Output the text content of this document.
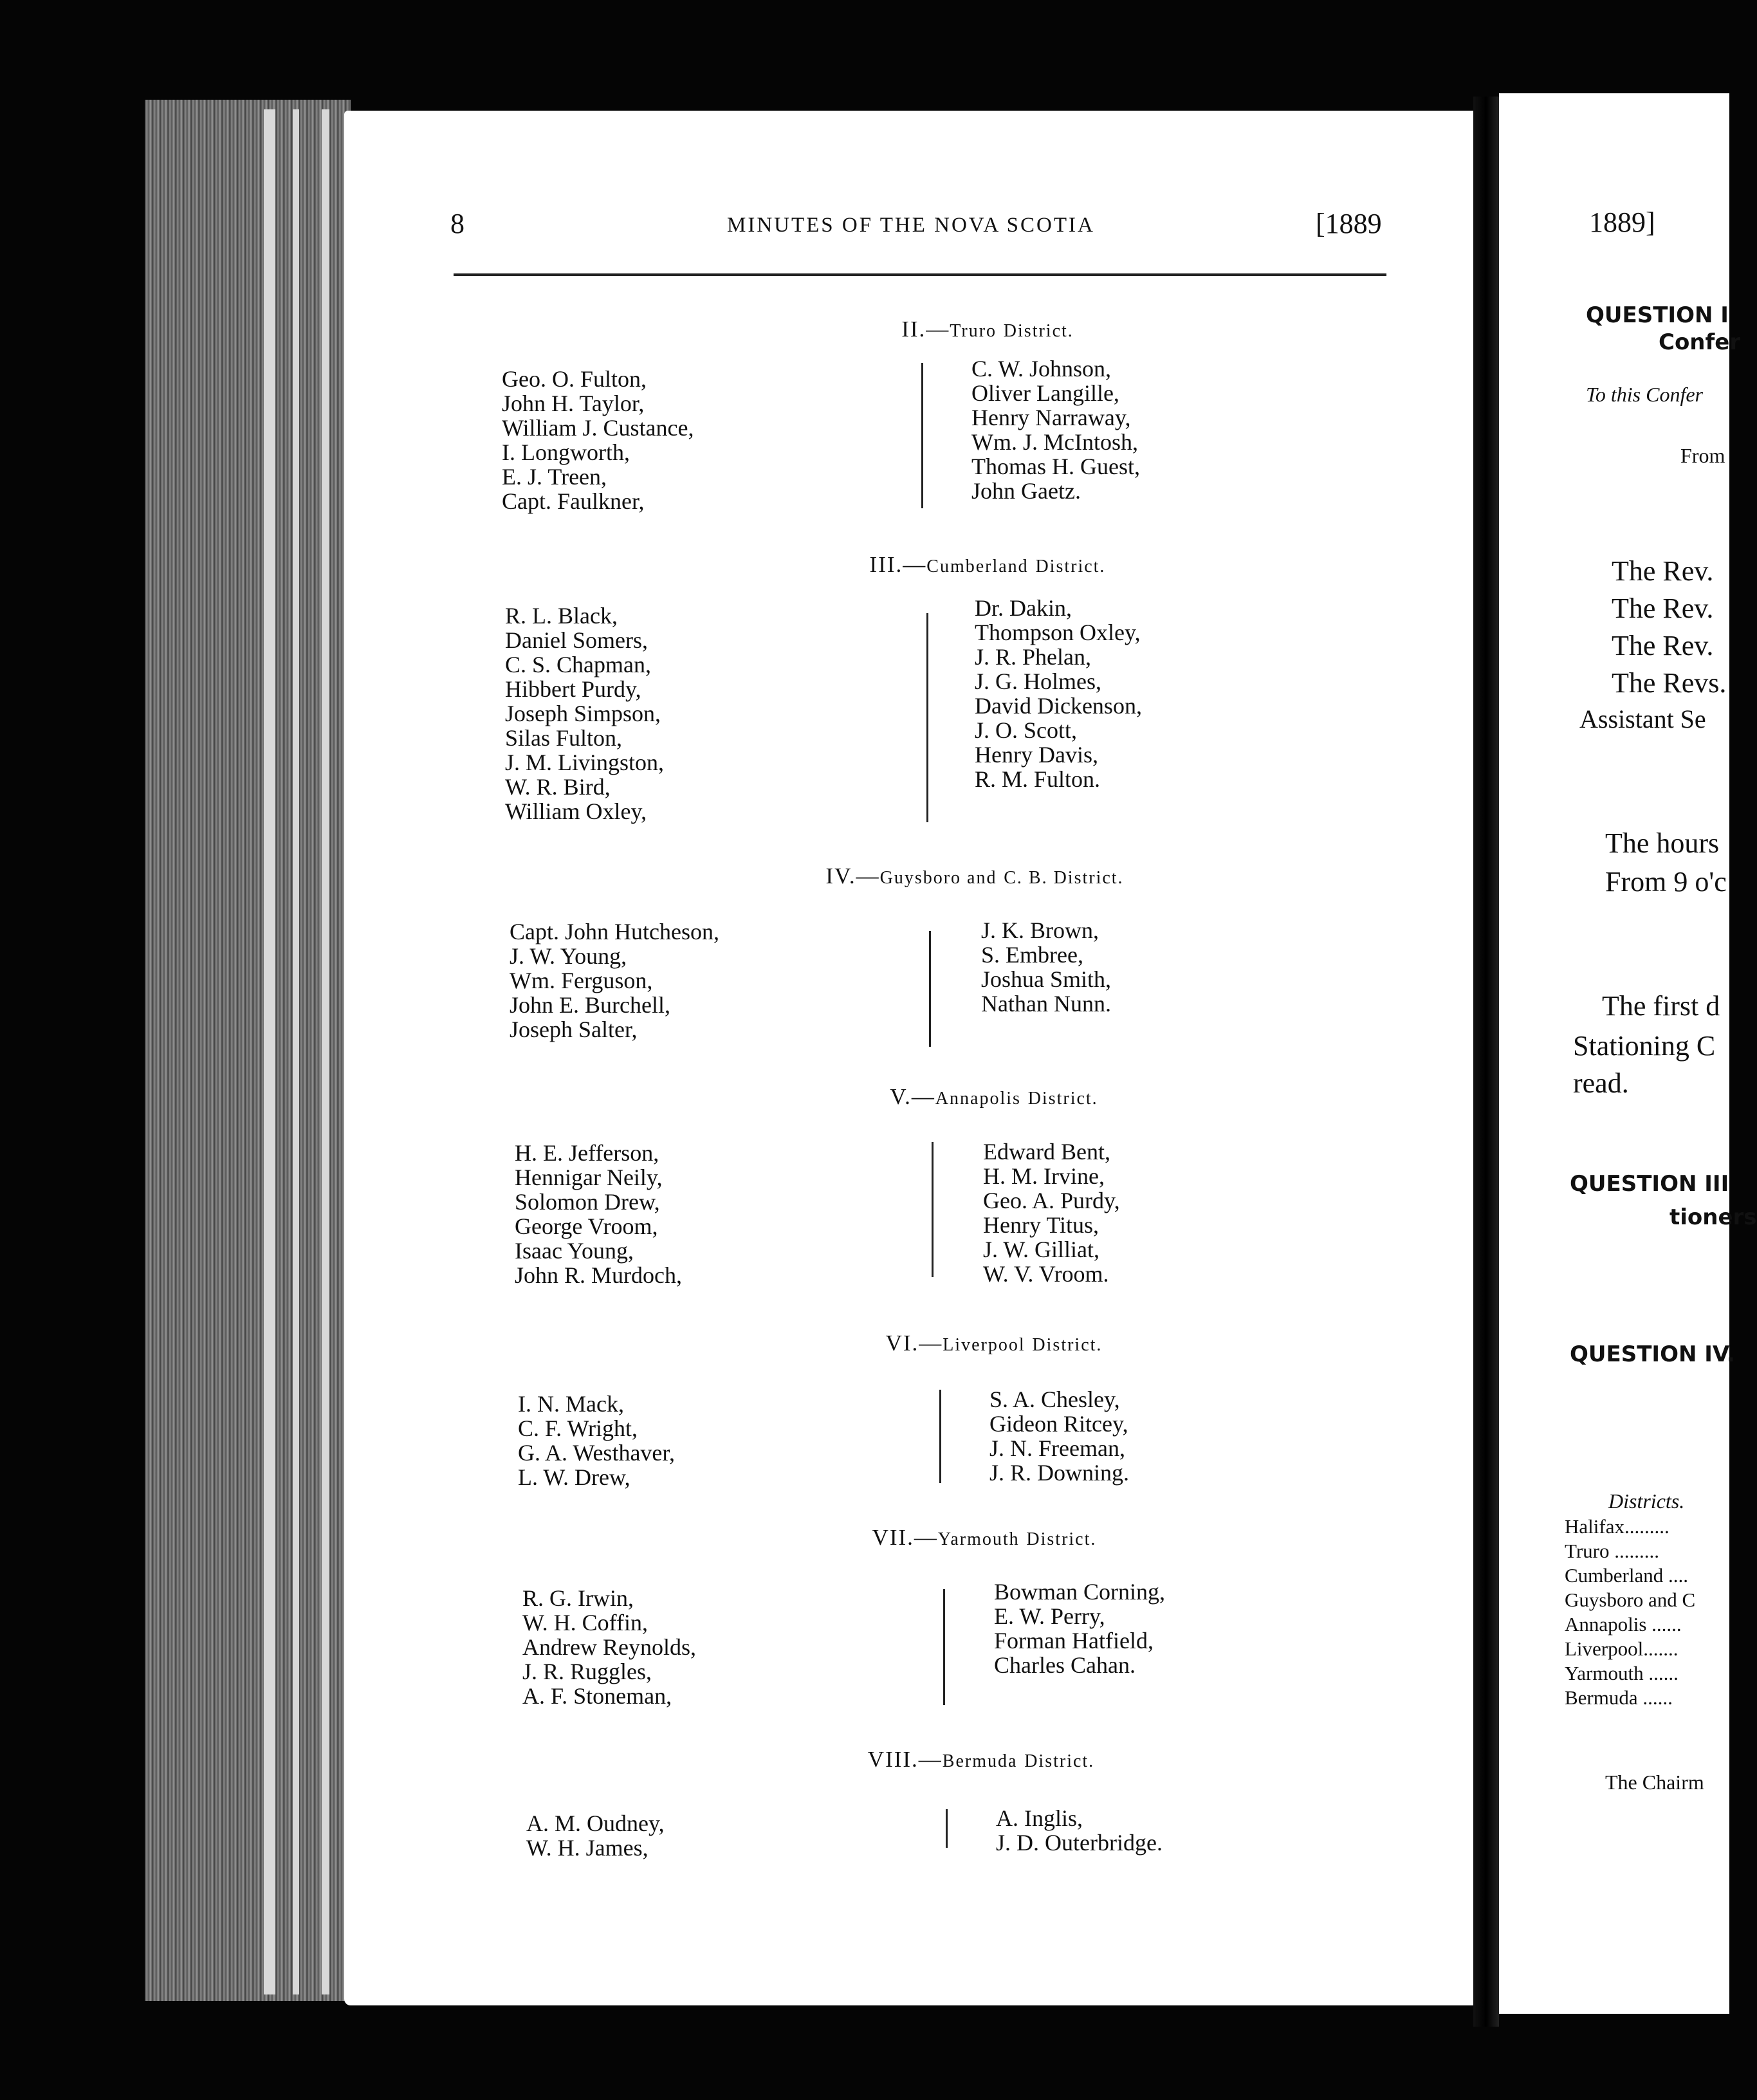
8	MINUTES OF THE NOVA SCOTIA	[1889
II.—Truro District.
Geo. O. Fulton,
John H. Taylor,
William J. Custance,
I. Longworth,
E. J. Treen,
Capt. Faulkner,
C. W. Johnson,
Oliver Langille,
Henry Narraway,
Wm. J. McIntosh,
Thomas H. Guest,
John Gaetz.
III.—Cumberland District.
R. L. Black,
Daniel Somers,
C. S. Chapman,
Hibbert Purdy,
Joseph Simpson,
Silas Fulton,
J. M. Livingston,
W. R. Bird,
William Oxley,
Dr. Dakin,
Thompson Oxley,
J. R. Phelan,
J. G. Holmes,
David Dickenson,
J. O. Scott,
Henry Davis,
R. M. Fulton.
IV.—Guysboro and C. B. District.
Capt. John Hutcheson,
J. W. Young,
Wm. Ferguson,
John E. Burchell,
Joseph Salter,
J. K. Brown,
S. Embree,
Joshua Smith,
Nathan Nunn.
V.—Annapolis District.
H. E. Jefferson,
Hennigar Neily,
Solomon Drew,
George Vroom,
Isaac Young,
John R. Murdoch,
Edward Bent,
H. M. Irvine,
Geo. A. Purdy,
Henry Titus,
J. W. Gilliat,
W. V. Vroom.
VI.—Liverpool District.
I. N. Mack,
C. F. Wright,
G. A. Westhaver,
L. W. Drew,
S. A. Chesley,
Gideon Ritcey,
J. N. Freeman,
J. R. Downing.
VII.—Yarmouth District.
R. G. Irwin,
W. H. Coffin,
Andrew Reynolds,
J. R. Ruggles,
A. F. Stoneman,
Bowman Corning,
E. W. Perry,
Forman Hatfield,
Charles Cahan.
VIII.—Bermuda District.
A. M. Oudney,
W. H. James,
A. Inglis,
J. D. Outerbridge.
1889]
QUESTION I
Confer
To this Confer
From
The Rev.
The Rev.
The Rev.
The Revs.
Assistant Se
The hours
From 9 o'c
The first d
Stationing C
read.
QUESTION III
tioners
QUESTION IV.
Districts.
Halifax.........
Truro .........
Cumberland ....
Guysboro and C
Annapolis ......
Liverpool.......
Yarmouth ......
Bermuda ......
The Chairm
